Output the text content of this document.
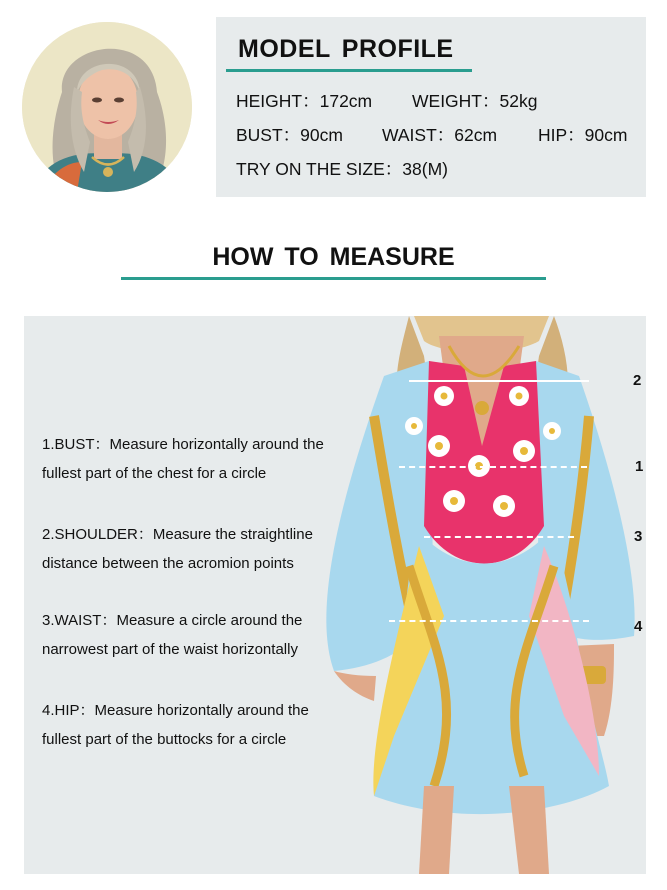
MODEL PROFILE
HEIGHT：172cm WEIGHT：52kg
BUST：90cm WAIST：62cm HIP：90cm
TRY ON THE SIZE：38(M)
HOW TO MEASURE
2
1
3
4

1.BUST：Measure horizontally around the
fullest part of the chest for a circle

2.SHOULDER：Measure the straightline
distance between the acromion points

3.WAIST：Measure a circle around the
narrowest part of the waist horizontally

4.HIP：Measure horizontally around the
fullest part of the buttocks for a circle
